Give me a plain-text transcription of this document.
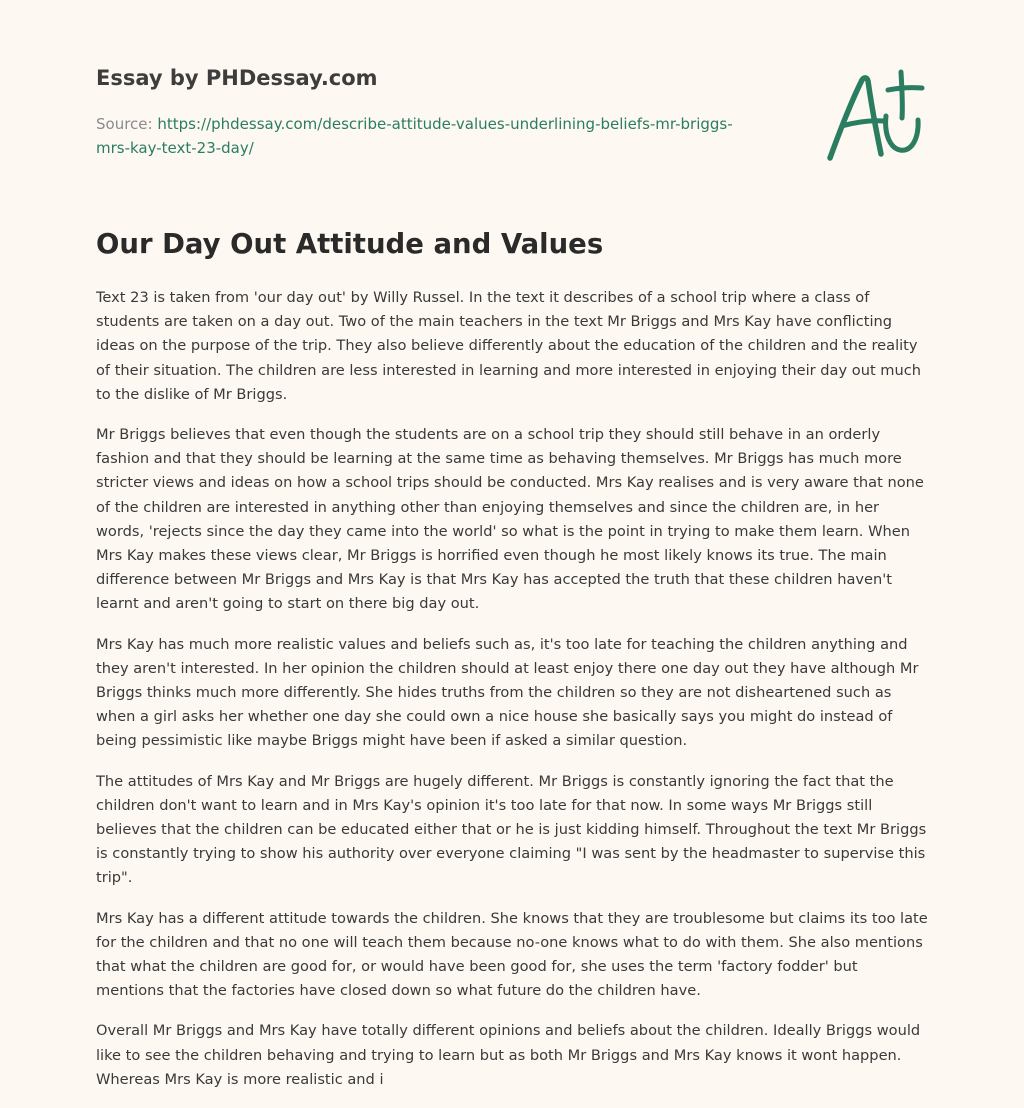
Essay by PHDessay.com
Source: https://phdessay.com/describe-attitude-values-underlining-beliefs-mr-briggs-mrs-kay-text-23-day/
Our Day Out Attitude and Values

Text 23 is taken from 'our day out' by Willy Russel. In the text it describes of a school trip where a class of students are taken on a day out. Two of the main teachers in the text Mr Briggs and Mrs Kay have conflicting ideas on the purpose of the trip. They also believe differently about the education of the children and the reality of their situation. The children are less interested in learning and more interested in enjoying their day out much to the dislike of Mr Briggs.

Mr Briggs believes that even though the students are on a school trip they should still behave in an orderly fashion and that they should be learning at the same time as behaving themselves. Mr Briggs has much more stricter views and ideas on how a school trips should be conducted. Mrs Kay realises and is very aware that none of the children are interested in anything other than enjoying themselves and since the children are, in her words, 'rejects since the day they came into the world' so what is the point in trying to make them learn. When Mrs Kay makes these views clear, Mr Briggs is horrified even though he most likely knows its true. The main difference between Mr Briggs and Mrs Kay is that Mrs Kay has accepted the truth that these children haven't learnt and aren't going to start on there big day out.

Mrs Kay has much more realistic values and beliefs such as, it's too late for teaching the children anything and they aren't interested. In her opinion the children should at least enjoy there one day out they have although Mr Briggs thinks much more differently. She hides truths from the children so they are not disheartened such as when a girl asks her whether one day she could own a nice house she basically says you might do instead of being pessimistic like maybe Briggs might have been if asked a similar question.

The attitudes of Mrs Kay and Mr Briggs are hugely different. Mr Briggs is constantly ignoring the fact that the children don't want to learn and in Mrs Kay's opinion it's too late for that now. In some ways Mr Briggs still believes that the children can be educated either that or he is just kidding himself. Throughout the text Mr Briggs is constantly trying to show his authority over everyone claiming "I was sent by the headmaster to supervise this trip".

Mrs Kay has a different attitude towards the children. She knows that they are troublesome but claims its too late for the children and that no one will teach them because no-one knows what to do with them. She also mentions that what the children are good for, or would have been good for, she uses the term 'factory fodder' but mentions that the factories have closed down so what future do the children have.

Overall Mr Briggs and Mrs Kay have totally different opinions and beliefs about the children. Ideally Briggs would like to see the children behaving and trying to learn but as both Mr Briggs and Mrs Kay knows it wont happen. Whereas Mrs Kay is more realistic and i
